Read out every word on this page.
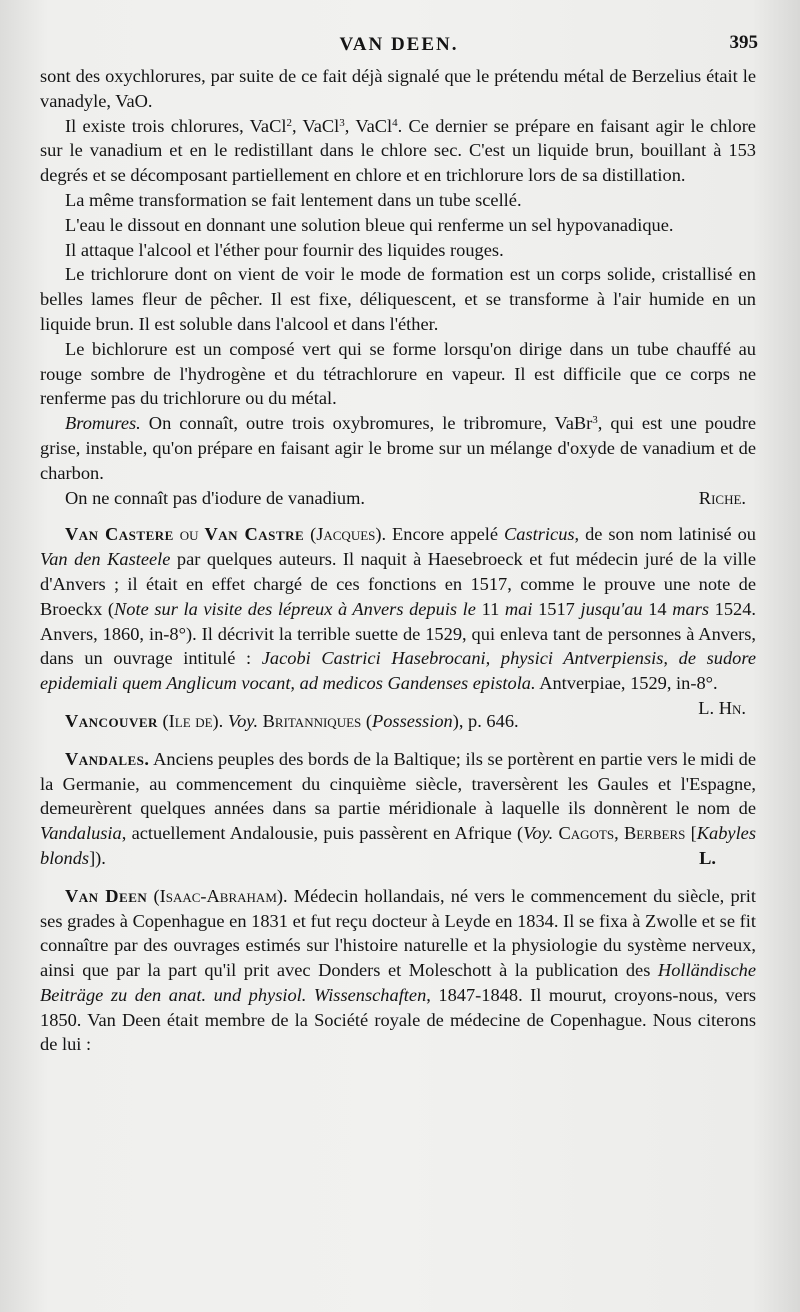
VAN DEEN.	395

sont des oxychlorures, par suite de ce fait déjà signalé que le prétendu métal de Berzelius était le vanadyle, VaO.

Il existe trois chlorures, VaCl$^2$, VaCl$^3$, VaCl$^4$. Ce dernier se prépare en faisant agir le chlore sur le vanadium et en le redistillant dans le chlore sec. C'est un liquide brun, bouillant à 153 degrés et se décomposant partiellement en chlore et en trichlorure lors de sa distillation.

La même transformation se fait lentement dans un tube scellé.

L'eau le dissout en donnant une solution bleue qui renferme un sel hypovanadique.

Il attaque l'alcool et l'éther pour fournir des liquides rouges.

Le trichlorure dont on vient de voir le mode de formation est un corps solide, cristallisé en belles lames fleur de pêcher. Il est fixe, déliquescent, et se transforme à l'air humide en un liquide brun. Il est soluble dans l'alcool et dans l'éther.

Le bichlorure est un composé vert qui se forme lorsqu'on dirige dans un tube chauffé au rouge sombre de l'hydrogène et du tétrachlorure en vapeur. Il est difficile que ce corps ne renferme pas du trichlorure ou du métal.

Bromures. On connaît, outre trois oxybromures, le tribromure, VaBr$^3$, qui est une poudre grise, instable, qu'on prépare en faisant agir le brome sur un mélange d'oxyde de vanadium et de charbon.

On ne connaît pas d'iodure de vanadium.	Riche.

Van Castere ou Van Castre (Jacques). Encore appelé Castricus, de son nom latinisé ou Van den Kasteele par quelques auteurs. Il naquit à Haesebroeck et fut médecin juré de la ville d'Anvers ; il était en effet chargé de ces fonctions en 1517, comme le prouve une note de Broeckx (Note sur la visite des lépreux à Anvers depuis le 11 mai 1517 jusqu'au 14 mars 1524. Anvers, 1860, in-8°). Il décrivit la terrible suette de 1529, qui enleva tant de personnes à Anvers, dans un ouvrage intitulé : Jacobi Castrici Hasebrocani, physici Antverpiensis, de sudore epidemiali quem Anglicum vocant, ad medicos Gandenses epistola. Antverpiae, 1529, in-8°.
L. Hn.

Vancouver (Ile de). Voy. Britanniques (Possession), p. 646.

Vandales. Anciens peuples des bords de la Baltique; ils se portèrent en partie vers le midi de la Germanie, au commencement du cinquième siècle, traversèrent les Gaules et l'Espagne, demeurèrent quelques années dans sa partie méridionale à laquelle ils donnèrent le nom de Vandalusia, actuellement Andalousie, puis passèrent en Afrique (Voy. Cagots, Berbers [Kabyles blonds]).	L.

Van Deen (Isaac-Abraham). Médecin hollandais, né vers le commencement du siècle, prit ses grades à Copenhague en 1831 et fut reçu docteur à Leyde en 1834. Il se fixa à Zwolle et se fit connaître par des ouvrages estimés sur l'histoire naturelle et la physiologie du système nerveux, ainsi que par la part qu'il prit avec Donders et Moleschott à la publication des Holländische Beiträge zu den anat. und physiol. Wissenschaften, 1847-1848. Il mourut, croyons-nous, vers 1850. Van Deen était membre de la Société royale de médecine de Copenhague. Nous citerons de lui :
